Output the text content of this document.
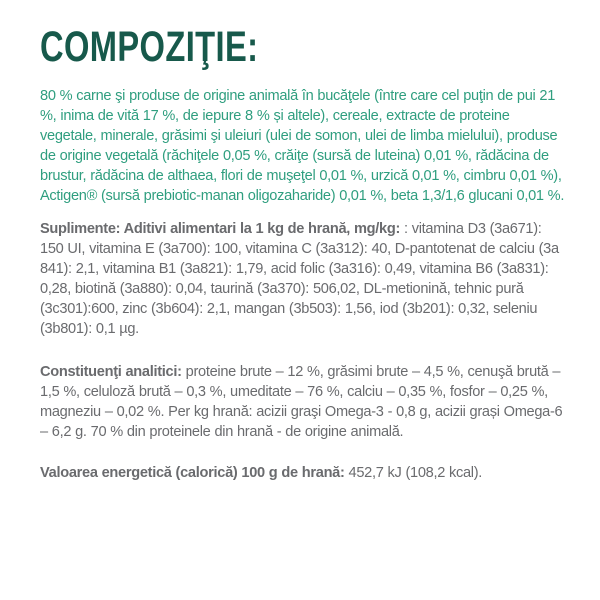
COMPOZIŢIE:

80 % carne şi produse de origine animală în bucăţele (între care cel puţin de pui 21 %, inima de vită 17 %, de iepure 8 % și altele), cereale, extracte de proteine vegetale, minerale, grăsimi şi uleiuri (ulei de somon, ulei de limba mielului), produse de origine vegetală (răchiţele 0,05 %, crăiţe (sursă de luteina) 0,01 %, rădăcina de brustur, rădăcina de althaea, flori de muşeţel 0,01 %, urzică 0,01 %, cimbru 0,01 %), Actigen® (sursă prebiotic-manan oligozaharide) 0,01 %, beta 1,3/1,6 glucani 0,01 %.

Suplimente: Aditivi alimentari la 1 kg de hrană, mg/kg: : vitamina D3 (3a671): 150 UI, vitamina E (3a700): 100, vitamina C (3a312): 40, D-pantotenat de calciu (3a 841): 2,1, vitamina B1 (3a821): 1,79, acid folic (3a316): 0,49, vitamina B6 (3a831): 0,28, biotină (3a880): 0,04, taurină (3a370): 506,02, DL-metionină, tehnic pură (3c301):600, zinc (3b604): 2,1, mangan (3b503): 1,56, iod (3b201): 0,32, seleniu (3b801): 0,1 µg.

Constituenţi analitici: proteine brute – 12 %, grăsimi brute – 4,5 %, cenuşă brută – 1,5 %, celuloză brută – 0,3 %, umeditate – 76 %, calciu – 0,35 %, fosfor – 0,25 %, magneziu – 0,02 %. Per kg hrană: acizii graşi Omega-3 - 0,8 g, acizii grași Omega-6 – 6,2 g. 70 % din proteinele din hrană - de origine animală.

Valoarea energetică (calorică) 100 g de hrană: 452,7 kJ (108,2 kcal).
